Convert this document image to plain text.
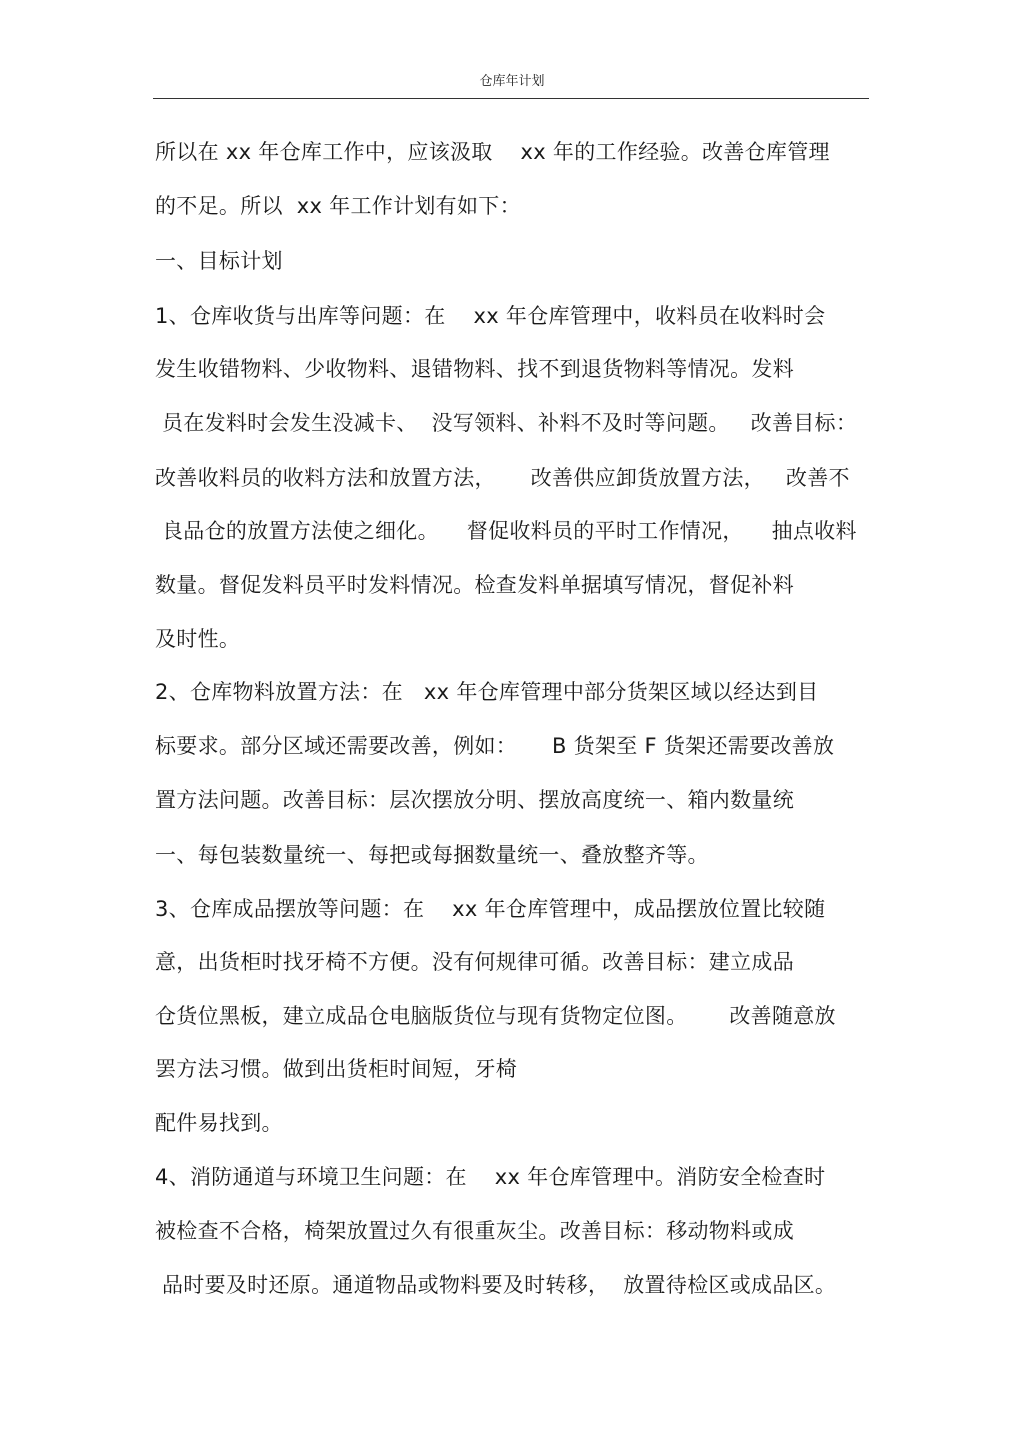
仓库年计划
所以在 xx 年仓库工作中，应该汲取    xx 年的工作经验。改善仓库管理
的不足。所以  xx 年工作计划有如下：
一、目标计划
1、仓库收货与出库等问题：在    xx 年仓库管理中，收料员在收料时会
发生收错物料、少收物料、退错物料、找不到退货物料等情况。发料
员在发料时会发生没减卡、  没写领料、补料不及时等问题。   改善目标：
改善收料员的收料方法和放置方法，     改善供应卸货放置方法，   改善不
良品仓的放置方法使之细化。    督促收料员的平时工作情况，    抽点收料
数量。督促发料员平时发料情况。检查发料单据填写情况，督促补料
及时性。
2、仓库物料放置方法：在   xx 年仓库管理中部分货架区域以经达到目
标要求。部分区域还需要改善，例如：     B 货架至 F 货架还需要改善放
置方法问题。改善目标：层次摆放分明、摆放高度统一、箱内数量统
一、每包装数量统一、每把或每捆数量统一、叠放整齐等。
3、仓库成品摆放等问题：在    xx 年仓库管理中，成品摆放位置比较随
意，出货柜时找牙椅不方便。没有何规律可循。改善目标：建立成品
仓货位黑板，建立成品仓电脑版货位与现有货物定位图。      改善随意放
罢方法习惯。做到出货柜时间短，牙椅
配件易找到。
4、消防通道与环境卫生问题：在    xx 年仓库管理中。消防安全检查时
被检查不合格，椅架放置过久有很重灰尘。改善目标：移动物料或成
品时要及时还原。通道物品或物料要及时转移，  放置待检区或成品区。
